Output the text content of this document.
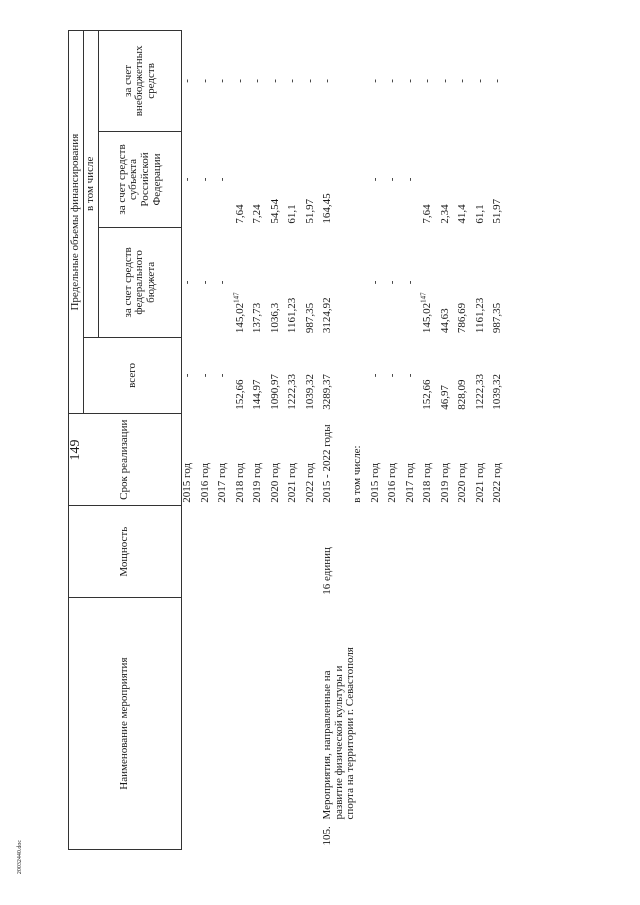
149
20032440.doc
Наименование мероприятия	Мощность	Срок реализации	Предельные объемы финансирования			
			всего	в том числе		
				за счет средств федерального бюджета	за счет средств субъекта Российской Федерации	за счет внебюджетных средств
		2015 год	-	-	-	-
		2016 год	-	-	-	-
		2017 год	-	-	-	-
		2018 год	152,66	145,02$^{147}$	7,64	-
		2019 год	144,97	137,73	7,24	-
		2020 год	1090,97	1036,3	54,54	-
		2021 год	1222,33	1161,23	61,1	-
		2022 год	1039,32	987,35	51,97	-
105.Мероприятия, направленные на развитие физической культуры и спорта на территории г. Севастополя	16 единиц	2015 - 2022 годы	3289,37	3124,92	164,45	-
		в том числе:				
		2015 год	-	-	-	-
		2016 год	-	-	-	-
		2017 год	-	-	-	-
		2018 год	152,66	145,02$^{147}$	7,64	-
		2019 год	46,97	44,63	2,34	-
		2020 год	828,09	786,69	41,4	-
		2021 год	1222,33	1161,23	61,1	-
		2022 год	1039,32	987,35	51,97	-
